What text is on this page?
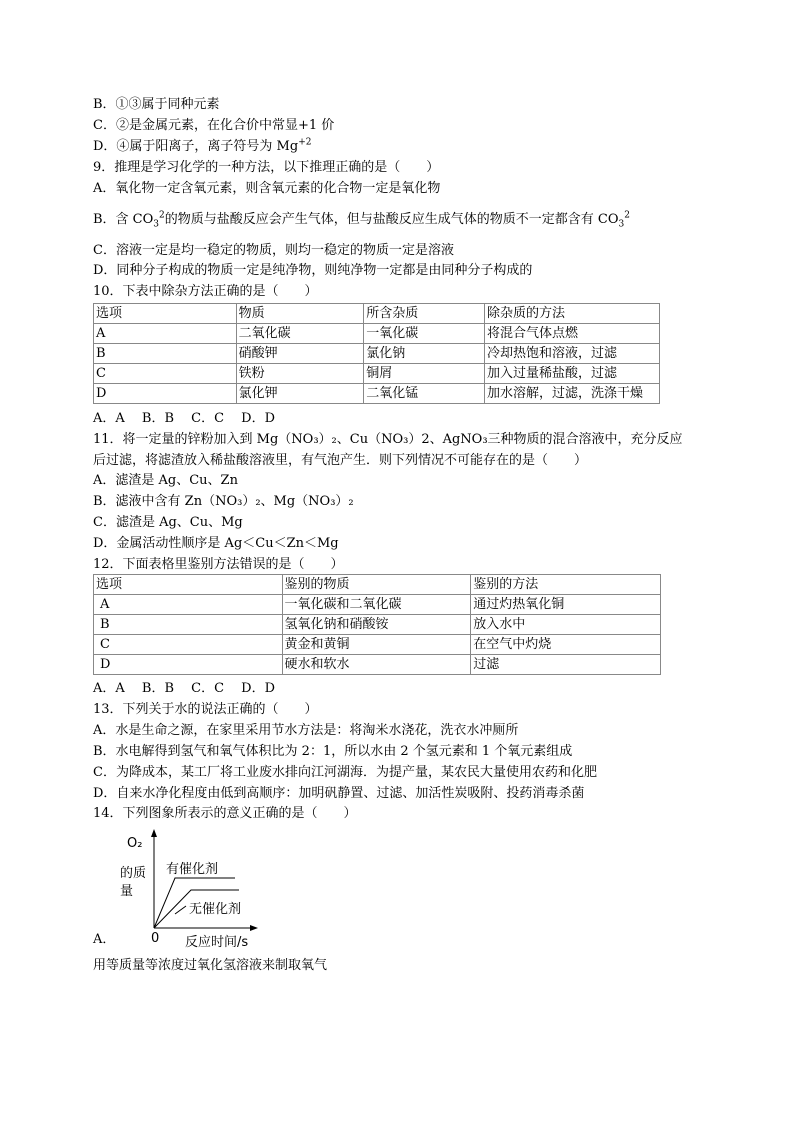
B．①③属于同种元素
C．②是金属元素，在化合价中常显+1 价
D．④属于阳离子，离子符号为 $Mg^{+2}$
9．推理是学习化学的一种方法，以下推理正确的是（　　）
A．氧化物一定含氧元素，则含氧元素的化合物一定是氧化物
B．含 $CO_3^2$的物质与盐酸反应会产生气体，但与盐酸反应生成气体的物质不一定都含有 $CO_3^2$
C．溶液一定是均一稳定的物质，则均一稳定的物质一定是溶液
D．同种分子构成的物质一定是纯净物，则纯净物一定都是由同种分子构成的
10．下表中除杂方法正确的是（　　）
选项	物质	所含杂质	除杂质的方法
A	二氧化碳	一氧化碳	将混合气体点燃
B	硝酸钾	氯化钠	冷却热饱和溶液，过滤
C	铁粉	铜屑	加入过量稀盐酸，过滤
D	氯化钾	二氧化锰	加水溶解，过滤，洗涤干燥
A．A　 B．B　 C．C　 D．D
11．将一定量的锌粉加入到 Mg（NO₃）₂、Cu（NO₃）2、AgNO₃三种物质的混合溶液中，充分反应
后过滤，将滤渣放入稀盐酸溶液里，有气泡产生．则下列情况不可能存在的是（　　）
A．滤渣是 Ag、Cu、Zn
B．滤液中含有 Zn（NO₃）₂、Mg（NO₃）₂
C．滤渣是 Ag、Cu、Mg
D．金属活动性顺序是 Ag＜Cu＜Zn＜Mg
12．下面表格里鉴别方法错误的是（　　）
选项	鉴别的物质	鉴别的方法
A	一氧化碳和二氧化碳	通过灼热氧化铜
B	氢氧化钠和硝酸铵	放入水中
C	黄金和黄铜	在空气中灼烧
D	硬水和软水	过滤
A．A　 B．B　 C．C　 D．D
13．下列关于水的说法正确的（　　）
A．水是生命之源，在家里采用节水方法是：将淘米水浇花，洗衣水冲厕所
B．水电解得到氢气和氧气体积比为 2：1，所以水由 2 个氢元素和 1 个氧元素组成
C．为降成本，某工厂将工业废水排向江河湖海．为提产量，某农民大量使用农药和化肥
D．自来水净化程度由低到高顺序：加明矾静置、过滤、加活性炭吸附、投药消毒杀菌
14．下列图象所表示的意义正确的是（　　）
O₂
的质
量
有催化剂
无催化剂
0 反应时间/s
A．
用等质量等浓度过氧化氢溶液来制取氧气
